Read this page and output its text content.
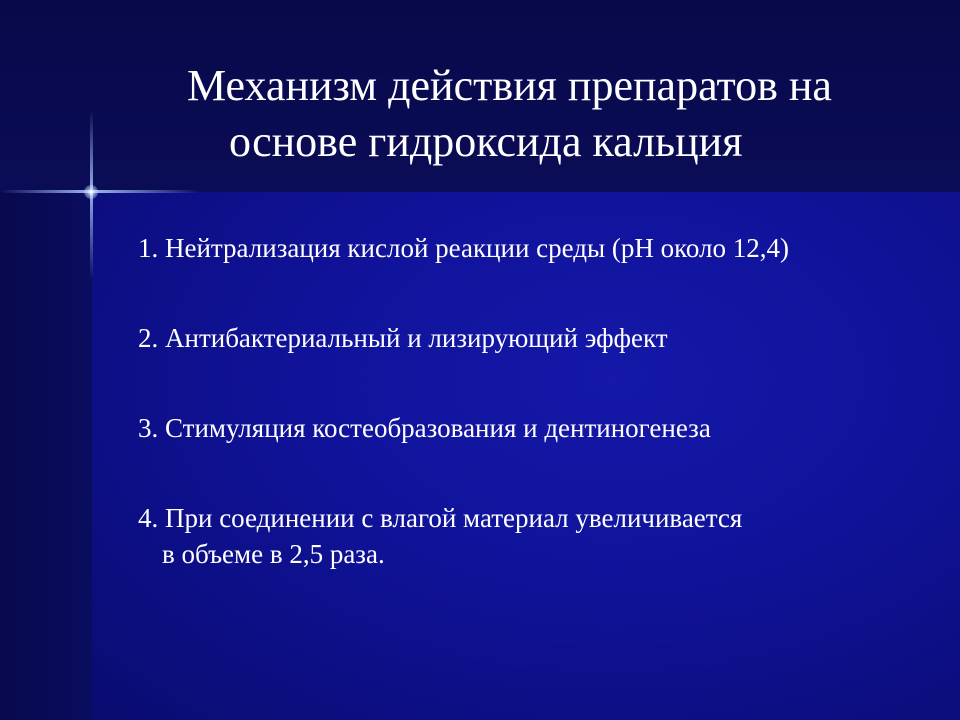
Механизм действия препаратов на
основе гидроксида кальция

1. Нейтрализация кислой реакции среды (рН около 12,4)

2. Антибактериальный и лизирующий эффект

3. Стимуляция костеобразования и дентиногенеза

4. При соединении с влагой материал увеличивается
в объеме в 2,5 раза.
